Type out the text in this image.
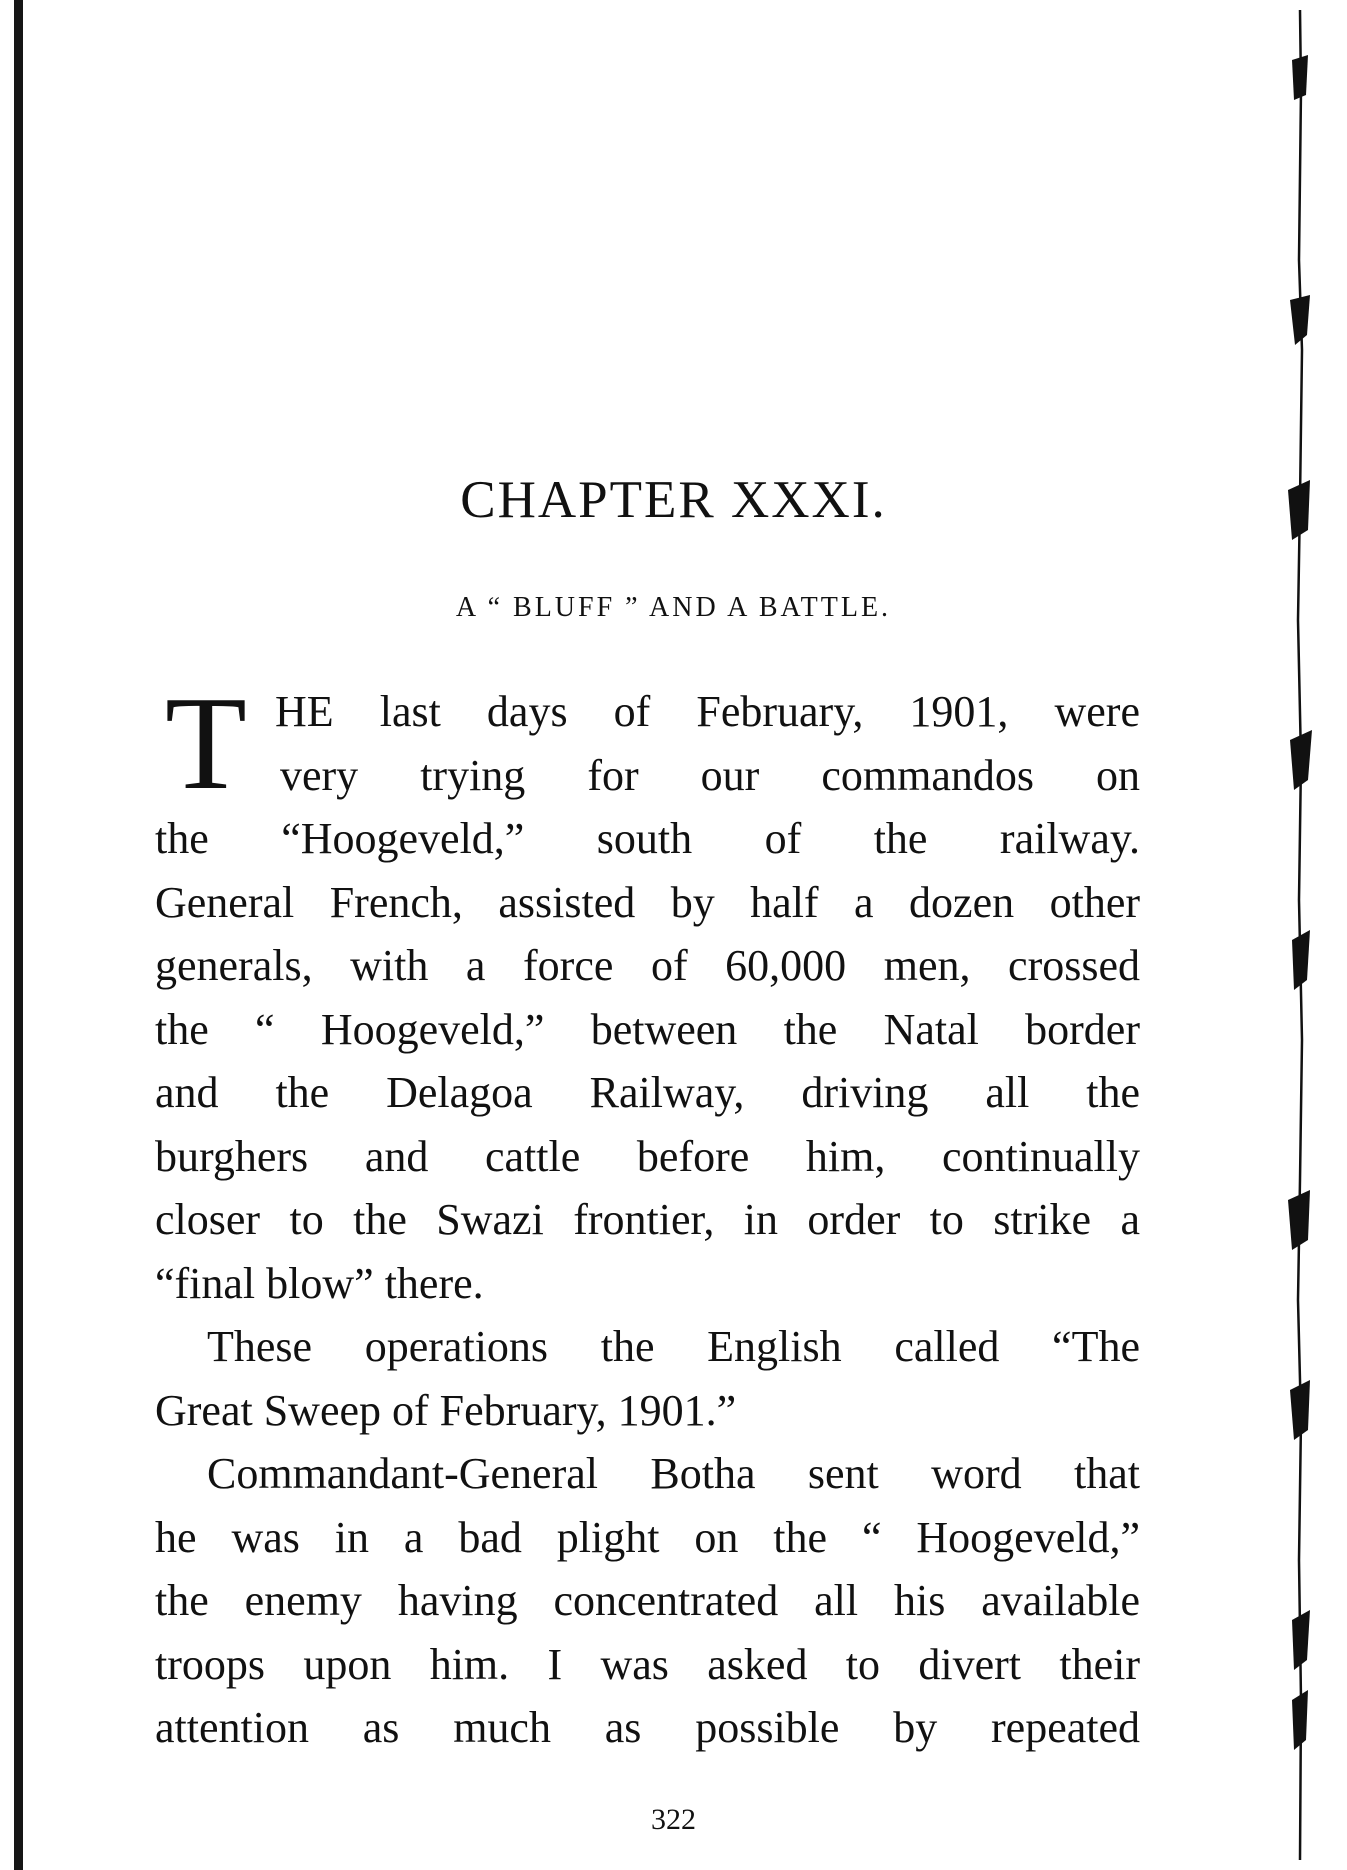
CHAPTER XXXI.
A “ BLUFF ” AND A BATTLE.
T HE last days of February, 1901, were
very trying for our commandos on
the “Hoogeveld,” south of the railway.
General French, assisted by half a dozen other
generals, with a force of 60,000 men, crossed
the “ Hoogeveld,” between the Natal border
and the Delagoa Railway, driving all the
burghers and cattle before him, continually
closer to the Swazi frontier, in order to strike a
“final blow” there.
These operations the English called “The
Great Sweep of February, 1901.”
Commandant-General Botha sent word that
he was in a bad plight on the “ Hoogeveld,”
the enemy having concentrated all his available
troops upon him. I was asked to divert their
attention as much as possible by repeated
322
